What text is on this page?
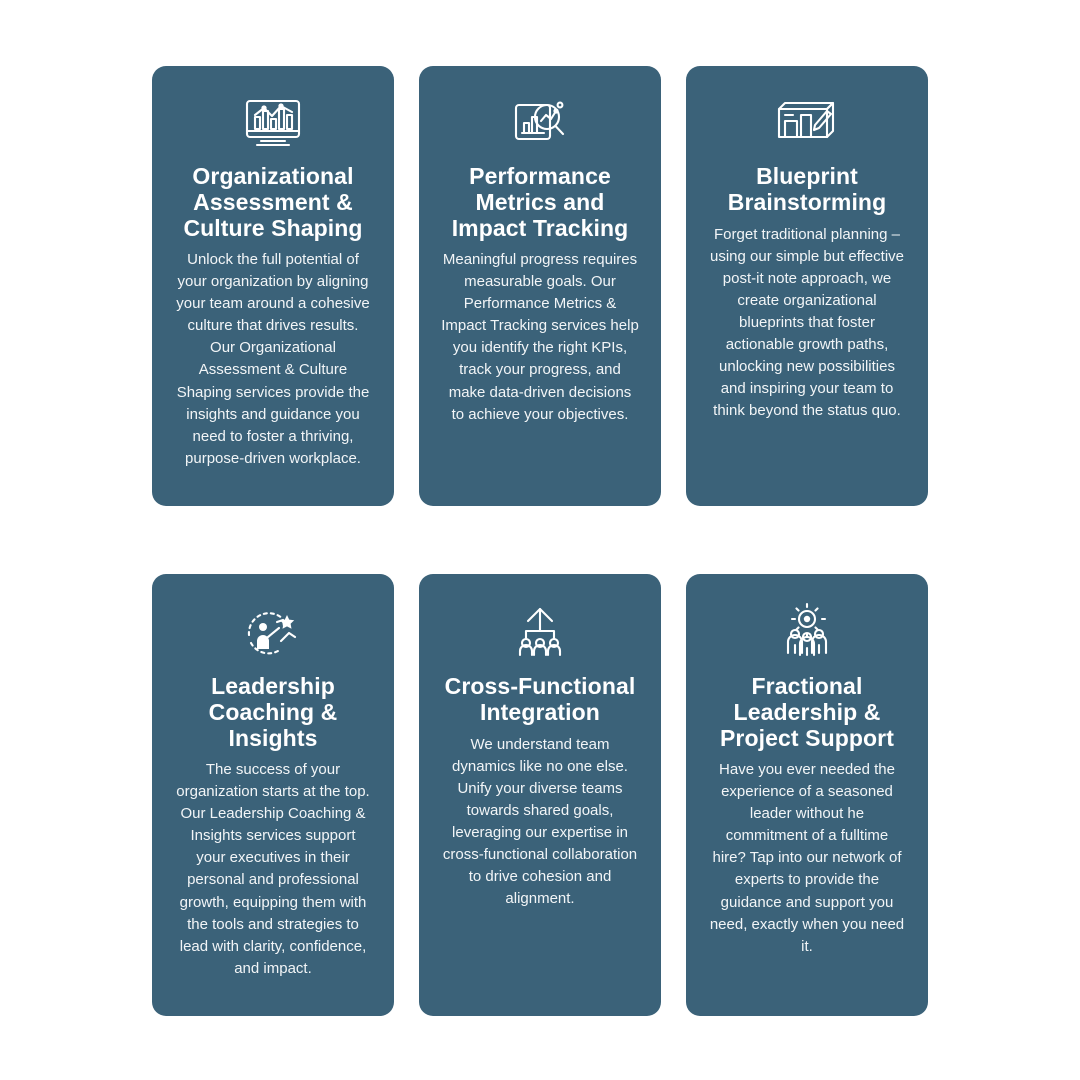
Organizational Assessment & Culture Shaping

Unlock the full potential of your organization by aligning your team around a cohesive culture that drives results. Our Organizational Assessment & Culture Shaping services provide the insights and guidance you need to foster a thriving, purpose-driven workplace.

Performance Metrics and Impact Tracking

Meaningful progress requires measurable goals. Our Performance Metrics & Impact Tracking services help you identify the right KPIs, track your progress, and make data-driven decisions to achieve your objectives.

Blueprint Brainstorming

Forget traditional planning – using our simple but effective post-it note approach, we create organizational blueprints that foster actionable growth paths, unlocking new possibilities and inspiring your team to think beyond the status quo.

Leadership Coaching & Insights

The success of your organization starts at the top. Our Leadership Coaching & Insights services support your executives in their personal and professional growth, equipping them with the tools and strategies to lead with clarity, confidence, and impact.

Cross-Functional Integration

We understand team dynamics like no one else. Unify your diverse teams towards shared goals, leveraging our expertise in cross-functional collaboration to drive cohesion and alignment.

Fractional Leadership & Project Support

Have you ever needed the experience of a seasoned leader without he commitment of a fulltime hire? Tap into our network of experts to provide the guidance and support you need, exactly when you need it.
